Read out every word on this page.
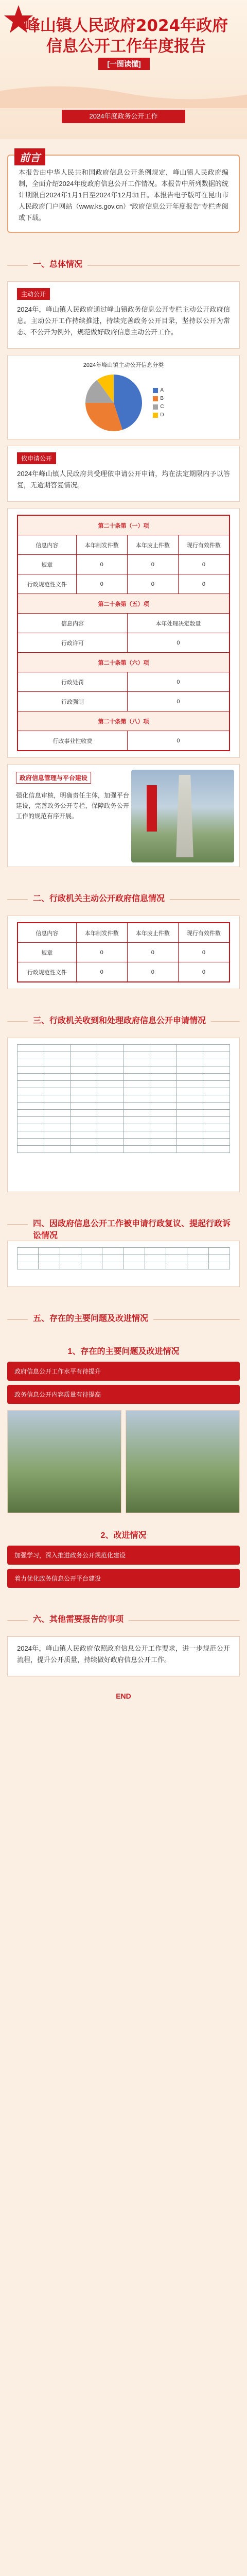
峰山镇人民政府2024年政府信息公开工作年度报告
[一图读懂]
2024年度政务公开工作
前言

本报告由中华人民共和国政府信息公开条例规定，峰山镇人民政府编制，全面介绍2024年度政府信息公开工作情况。本报告中所列数据的统计期限自2024年1月1日至2024年12月31日。本报告电子版可在昆山市人民政府门户网站（www.ks.gov.cn）“政府信息公开年度报告”专栏查阅或下载。

一、总体情况
主动公开

2024年，峰山镇人民政府通过峰山镇政务信息公开专栏主动公开政府信息。主动公开工作持续推进，持续完善政务公开目录，坚持以公开为常态、不公开为例外，规范做好政府信息主动公开工作。

2024年峰山镇主动公开信息分类
A
B
C
D
依申请公开

2024年峰山镇人民政府共受理依申请公开申请，均在法定期限内予以答复，无逾期答复情况。

第二十条第（一）项			
信息内容	本年制发件数	本年废止件数	现行有效件数
规章	0	0	0
行政规范性文件	0	0	0
第二十条第（五）项			
信息内容		本年处理决定数量	
行政许可		0	
第二十条第（六）项			
行政处罚		0	
行政强制		0	
第二十条第（八）项			
行政事业性收费		0	
政府信息管理与平台建设
强化信息审核，明确责任主体，加强平台建设，完善政务公开专栏，保障政务公开工作的规范有序开展。
二、行政机关主动公开政府信息情况
信息内容	本年制发件数	本年废止件数	现行有效件数
规章	0	0	0
行政规范性文件	0	0	0
三、行政机关收到和处理政府信息公开申请情况

四、因政府信息公开工作被申请行政复议、提起行政诉讼情况

五、存在的主要问题及改进情况
1、存在的主要问题及改进情况
政府信息公开工作水平有待提升
政务信息公开内容质量有待提高
2、改进情况
加强学习，深入推进政务公开规范化建设
着力优化政务信息公开平台建设
六、其他需要报告的事项

2024年，峰山镇人民政府依照政府信息公开工作要求，进一步规范公开流程，提升公开质量，持续做好政府信息公开工作。

END
